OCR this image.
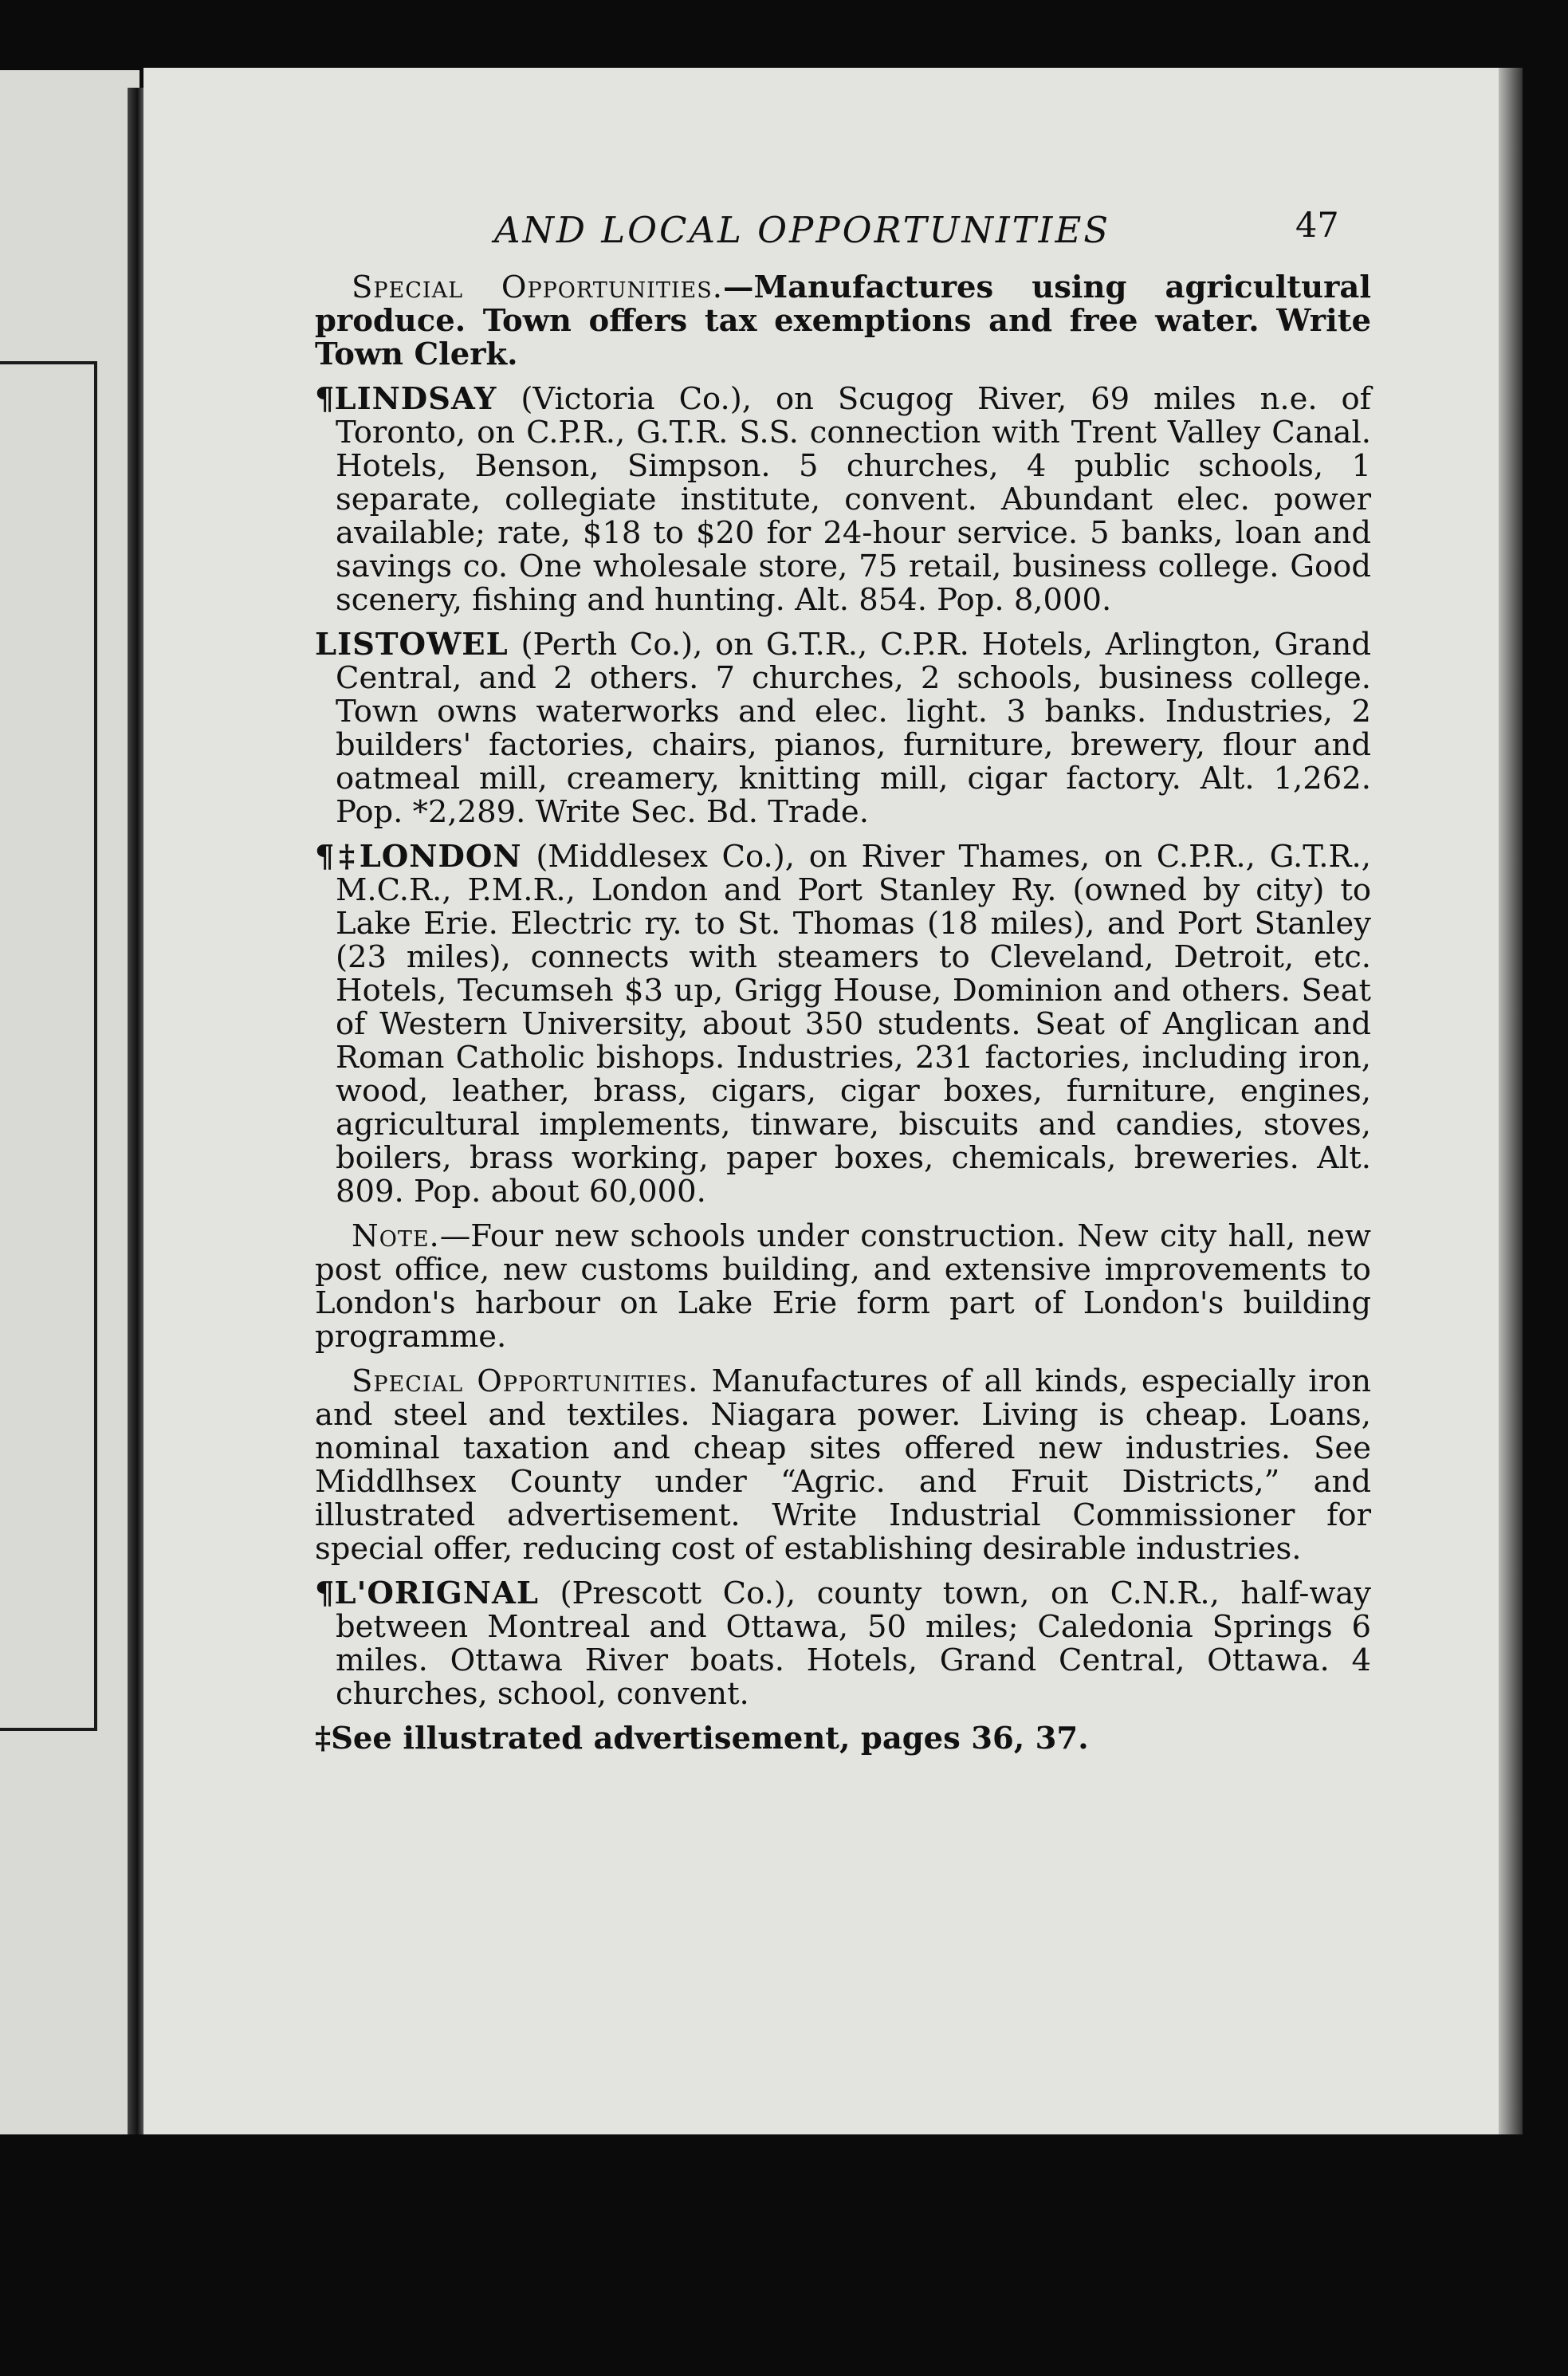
AND LOCAL OPPORTUNITIES	47

Special Opportunities.—Manufactures using agricultural produce. Town offers tax exemptions and free water. Write Town Clerk.

¶LINDSAY (Victoria Co.), on Scugog River, 69 miles n.e. of Toronto, on C.P.R., G.T.R. S.S. connection with Trent Valley Canal. Hotels, Benson, Simpson. 5 churches, 4 public schools, 1 separate, collegiate institute, convent. Abundant elec. power available; rate, $18 to $20 for 24-hour service. 5 banks, loan and savings co. One wholesale store, 75 retail, business college. Good scenery, fishing and hunting. Alt. 854. Pop. 8,000.

LISTOWEL (Perth Co.), on G.T.R., C.P.R. Hotels, Arlington, Grand Central, and 2 others. 7 churches, 2 schools, business college. Town owns waterworks and elec. light. 3 banks. Industries, 2 builders' factories, chairs, pianos, furniture, brewery, flour and oatmeal mill, creamery, knitting mill, cigar factory. Alt. 1,262. Pop. *2,289. Write Sec. Bd. Trade.

¶‡LONDON (Middlesex Co.), on River Thames, on C.P.R., G.T.R., M.C.R., P.M.R., London and Port Stanley Ry. (owned by city) to Lake Erie. Electric ry. to St. Thomas (18 miles), and Port Stanley (23 miles), connects with steamers to Cleveland, Detroit, etc. Hotels, Tecumseh $3 up, Grigg House, Dominion and others. Seat of Western University, about 350 students. Seat of Anglican and Roman Catholic bishops. Industries, 231 factories, including iron, wood, leather, brass, cigars, cigar boxes, furniture, engines, agricultural implements, tinware, biscuits and candies, stoves, boilers, brass working, paper boxes, chemicals, breweries. Alt. 809. Pop. about 60,000.

Note.—Four new schools under construction. New city hall, new post office, new customs building, and extensive improvements to London's harbour on Lake Erie form part of London's building programme.

Special Opportunities. Manufactures of all kinds, especially iron and steel and textiles. Niagara power. Living is cheap. Loans, nominal taxation and cheap sites offered new industries. See Middlhsex County under “Agric. and Fruit Districts,” and illustrated advertisement. Write Industrial Commissioner for special offer, reducing cost of establishing desirable industries.

¶L'ORIGNAL (Prescott Co.), county town, on C.N.R., half-way between Montreal and Ottawa, 50 miles; Caledonia Springs 6 miles. Ottawa River boats. Hotels, Grand Central, Ottawa. 4 churches, school, convent.

‡See illustrated advertisement, pages 36, 37.
